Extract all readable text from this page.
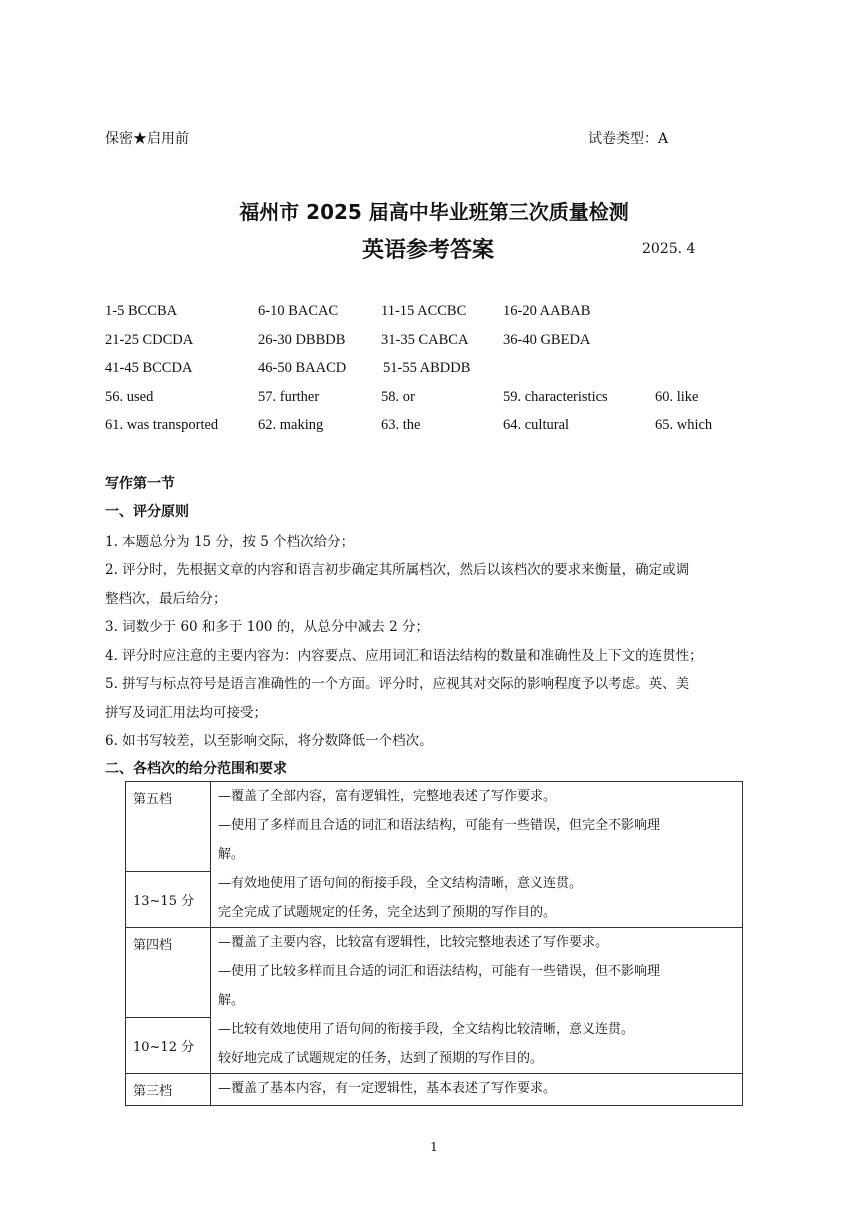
保密★启用前	试卷类型：A
福州市 2025 届高中毕业班第三次质量检测
英语参考答案	2025. 4
1-5 BCCBA	6-10 BACAC	11-15 ACCBC	16-20 AABAB
21-25 CDCDA	26-30 DBBDB 31-35 CABCA 36-40 GBEDA
41-45 BCCDA	46-50 BAACD	51-55 ABDDB
56. used	57. further	58. or	59. characteristics	60. like
61. was transported	62. making	63. the	64. cultural	65. which
写作第一节
一、评分原则
1. 本题总分为 15 分，按 5 个档次给分；
2. 评分时，先根据文章的内容和语言初步确定其所属档次，然后以该档次的要求来衡量，确定或调
整档次，最后给分；
3. 词数少于 60 和多于 100 的，从总分中减去 2 分；
4. 评分时应注意的主要内容为：内容要点、应用词汇和语法结构的数量和准确性及上下文的连贯性；
5. 拼写与标点符号是语言准确性的一个方面。评分时，应视其对交际的影响程度予以考虑。英、美
拼写及词汇用法均可接受；
6. 如书写较差，以至影响交际，将分数降低一个档次。
二、各档次的给分范围和要求
第五档	—覆盖了全部内容，富有逻辑性，完整地表述了写作要求。
—使用了多样而且合适的词汇和语法结构，可能有一些错误，但完全不影响理
解。
—有效地使用了语句间的衔接手段，全文结构清晰，意义连贯。
完全完成了试题规定的任务，完全达到了预期的写作目的。

13~15 分	
第四档	—覆盖了主要内容，比较富有逻辑性，比较完整地表述了写作要求。
—使用了比较多样而且合适的词汇和语法结构，可能有一些错误，但不影响理
解。
—比较有效地使用了语句间的衔接手段，全文结构比较清晰，意义连贯。
较好地完成了试题规定的任务，达到了预期的写作目的。

10~12 分	
第三档	—覆盖了基本内容，有一定逻辑性，基本表述了写作要求。
1
